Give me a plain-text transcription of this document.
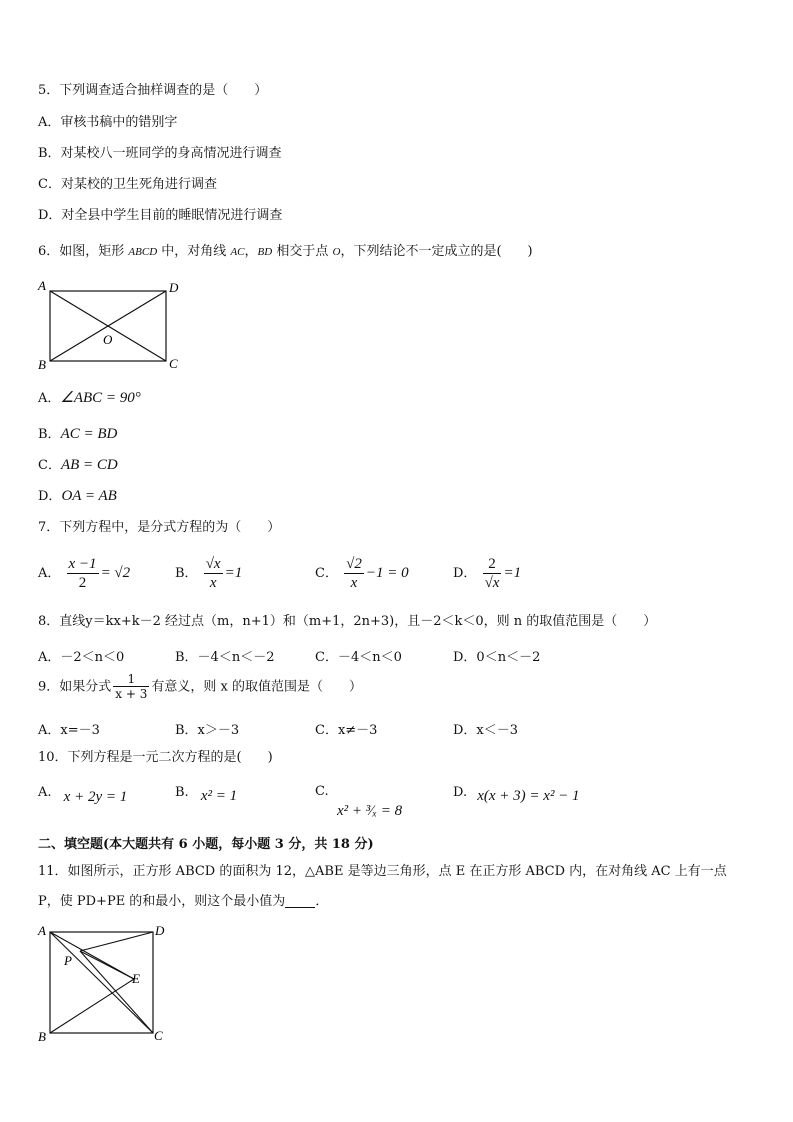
5．下列调查适合抽样调查的是（　　）
A．审核书稿中的错别字
B．对某校八一班同学的身高情况进行调查
C．对某校的卫生死角进行调查
D．对全县中学生目前的睡眠情况进行调查
6．如图，矩形 ABCD 中，对角线 AC，BD 相交于点 O，下列结论不一定成立的是(　　)
A	D
B	C
O
A．∠ABC = 90°
B．AC = BD
C．AB = CD
D．OA = AB
7．下列方程中，是分式方程的为（　　）
A． $\frac{x -1}{2} = √2$	B． $\frac{√x}{x} =1$	C． $\frac{√2}{x} -1 = 0$	D． $\frac{2}{√x} =1$
8．直线y＝kx+k－2 经过点（m，n+1）和（m+1，2n+3)，且－2＜k＜0，则 n 的取值范围是（　　）
A．－2＜n＜0	B．－4＜n＜－2	C．－4＜n＜0	D．0＜n＜－2
9．如果分式 $\frac{1}{x + 3}$ 有意义，则 x 的取值范围是（　　）
A．x=－3	B．x＞－3	C．x≠－3	D．x＜－3
10．下列方程是一元二次方程的是(　　)
A. x + 2y = 1	B. x² = 1	C.
x² + ³⁄ₓ = 8
D. x(x + 3) = x² − 1
二、填空题(本大题共有 6 小题，每小题 3 分，共 18 分)
11．如图所示，正方形 ABCD 的面积为 12，△ABE 是等边三角形，点 E 在正方形 ABCD 内，在对角线 AC 上有一点
P，使 PD+PE 的和最小，则这个最小值为 ．
A	D
B	C
P
E
